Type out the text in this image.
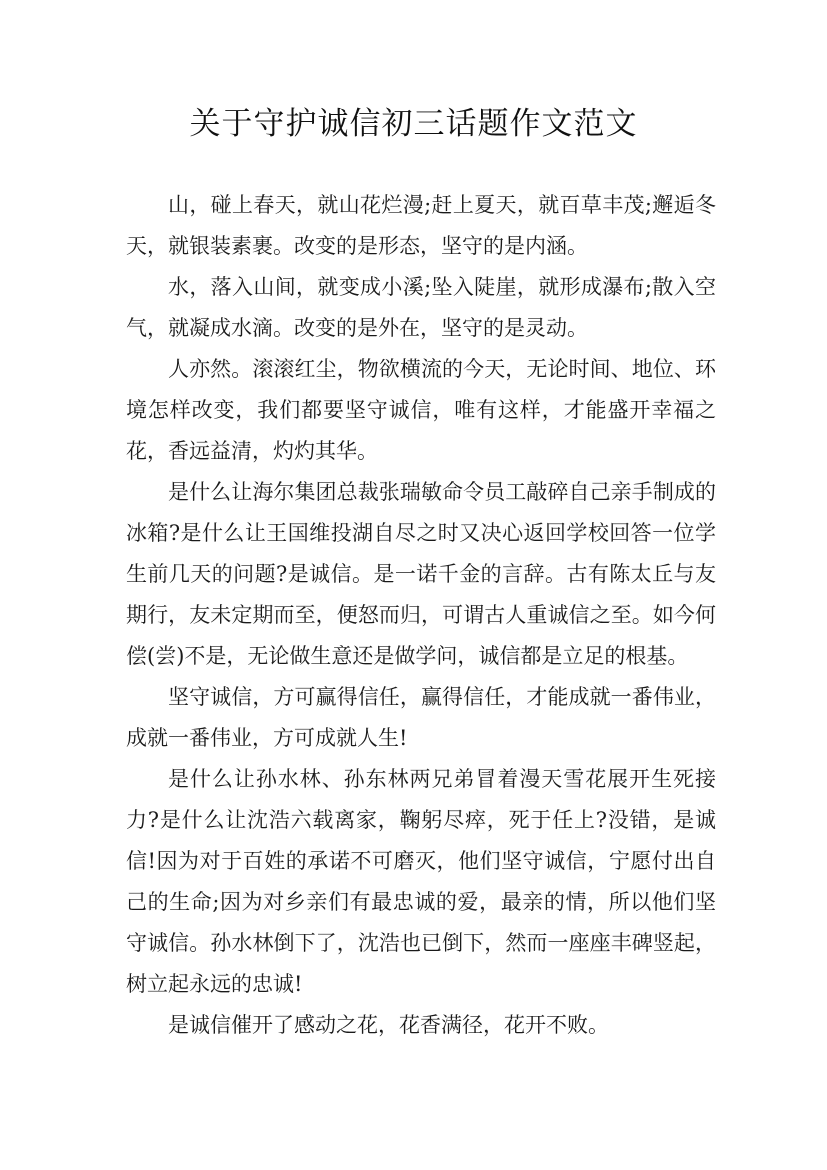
关于守护诚信初三话题作文范文

山，碰上春天，就山花烂漫;赶上夏天，就百草丰茂;邂逅冬天，就银装素裹。改变的是形态，坚守的是内涵。

水，落入山间，就变成小溪;坠入陡崖，就形成瀑布;散入空气，就凝成水滴。改变的是外在，坚守的是灵动。

人亦然。滚滚红尘，物欲横流的今天，无论时间、地位、环境怎样改变，我们都要坚守诚信，唯有这样，才能盛开幸福之花，香远益清，灼灼其华。

是什么让海尔集团总裁张瑞敏命令员工敲碎自己亲手制成的冰箱?是什么让王国维投湖自尽之时又决心返回学校回答一位学生前几天的问题?是诚信。是一诺千金的言辞。古有陈太丘与友期行，友未定期而至，便怒而归，可谓古人重诚信之至。如今何偿(尝)不是，无论做生意还是做学问，诚信都是立足的根基。

坚守诚信，方可赢得信任，赢得信任，才能成就一番伟业，成就一番伟业，方可成就人生!

是什么让孙水林、孙东林两兄弟冒着漫天雪花展开生死接力?是什么让沈浩六载离家，鞠躬尽瘁，死于任上?没错，是诚信!因为对于百姓的承诺不可磨灭，他们坚守诚信，宁愿付出自己的生命;因为对乡亲们有最忠诚的爱，最亲的情，所以他们坚守诚信。孙水林倒下了，沈浩也已倒下，然而一座座丰碑竖起，树立起永远的忠诚!

是诚信催开了感动之花，花香满径，花开不败。
